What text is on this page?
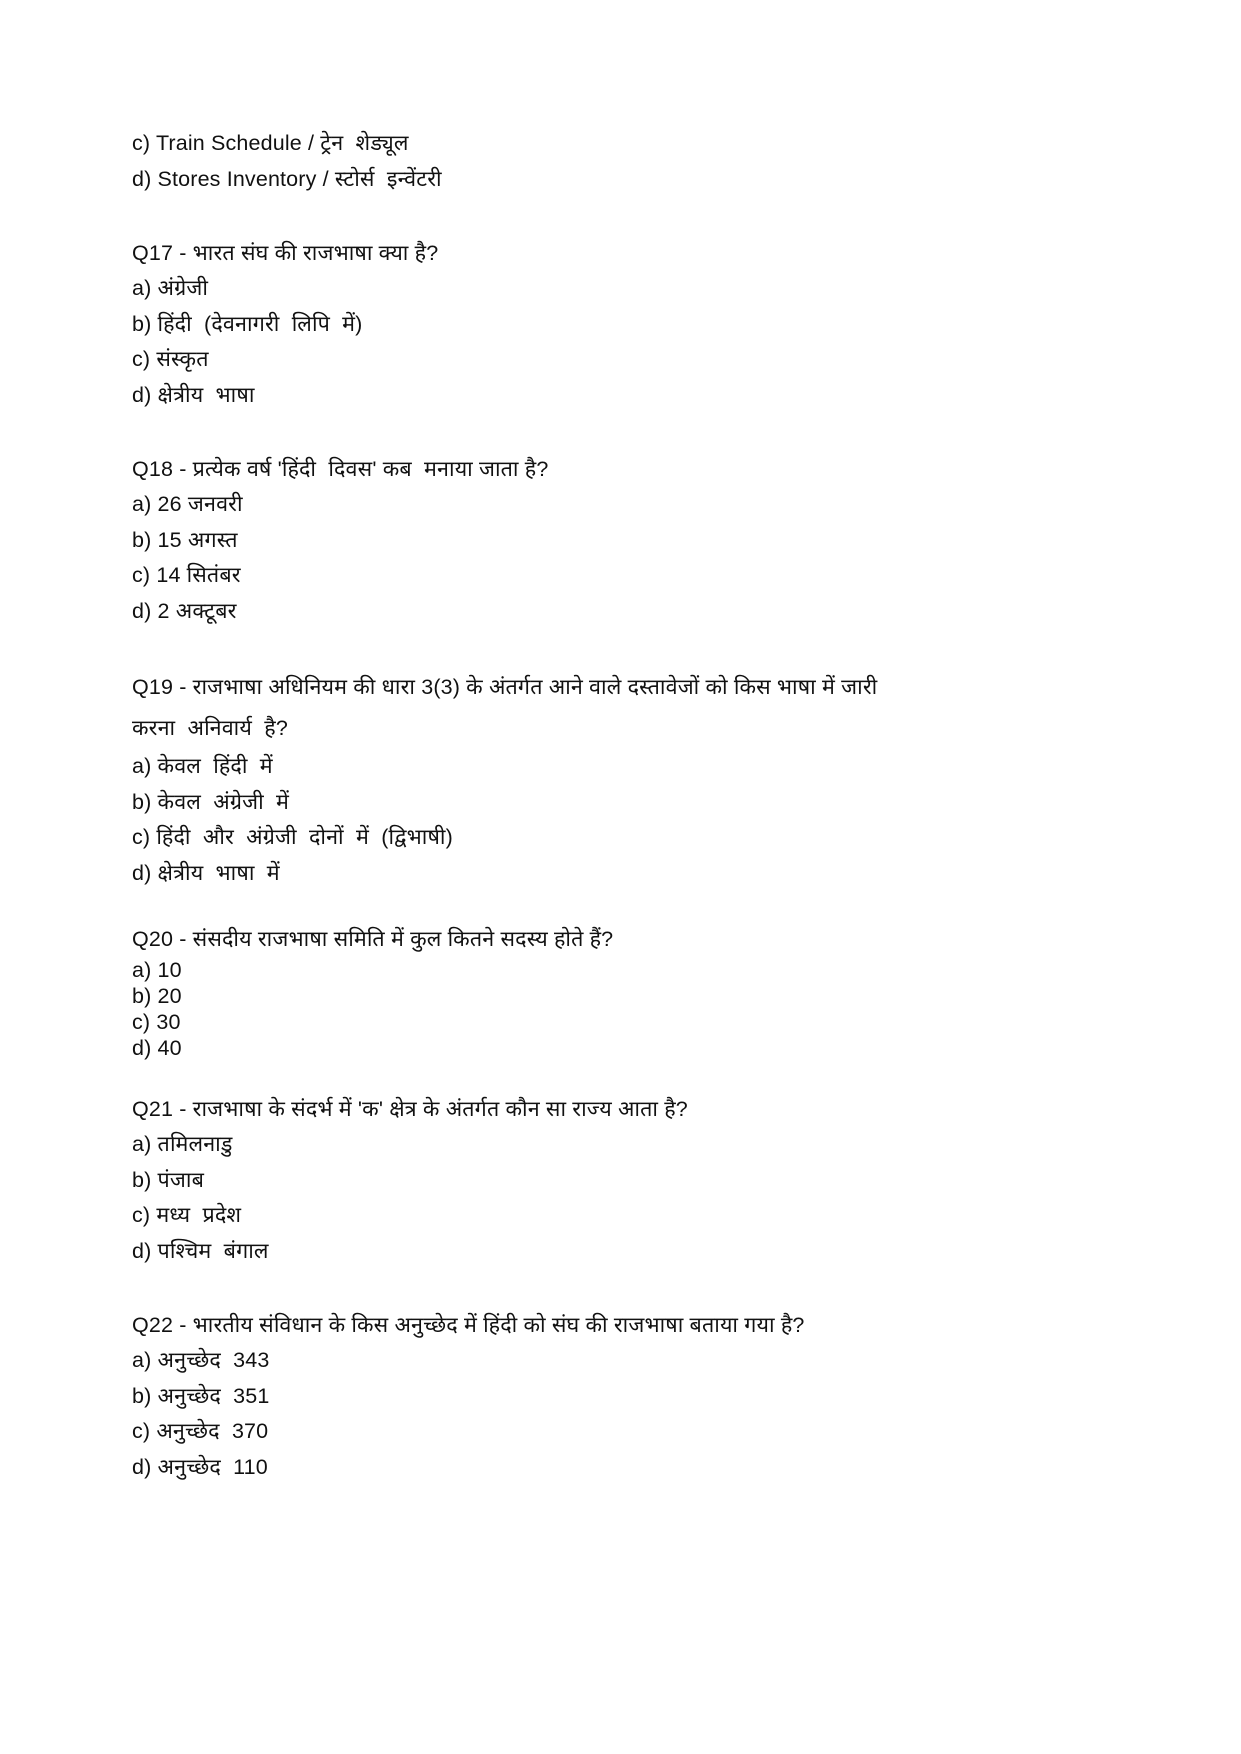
c) Train Schedule / ट्रेन  शेड्यूल
d) Stores Inventory / स्टोर्स  इन्वेंटरी
Q17 - भारत संघ की राजभाषा क्या है?
a) अंग्रेजी
b) हिंदी  (देवनागरी  लिपि  में)
c) संस्कृत
d) क्षेत्रीय  भाषा
Q18 - प्रत्येक वर्ष 'हिंदी  दिवस' कब  मनाया जाता है?
a) 26 जनवरी
b) 15 अगस्त
c) 14 सितंबर
d) 2 अक्टूबर
Q19 - राजभाषा अधिनियम की धारा 3(3) के अंतर्गत आने वाले दस्तावेजों को किस भाषा में जारी
करना  अनिवार्य  है?
a) केवल  हिंदी  में
b) केवल  अंग्रेजी  में
c) हिंदी  और  अंग्रेजी  दोनों  में  (द्विभाषी)
d) क्षेत्रीय  भाषा  में
Q20 - संसदीय राजभाषा समिति में कुल कितने सदस्य होते हैं?
a) 10
b) 20
c) 30
d) 40
Q21 - राजभाषा के संदर्भ में 'क' क्षेत्र के अंतर्गत कौन सा राज्य आता है?
a) तमिलनाडु
b) पंजाब
c) मध्य  प्रदेश
d) पश्चिम  बंगाल
Q22 - भारतीय संविधान के किस अनुच्छेद में हिंदी को संघ की राजभाषा बताया गया है?
a) अनुच्छेद  343
b) अनुच्छेद  351
c) अनुच्छेद  370
d) अनुच्छेद  110
